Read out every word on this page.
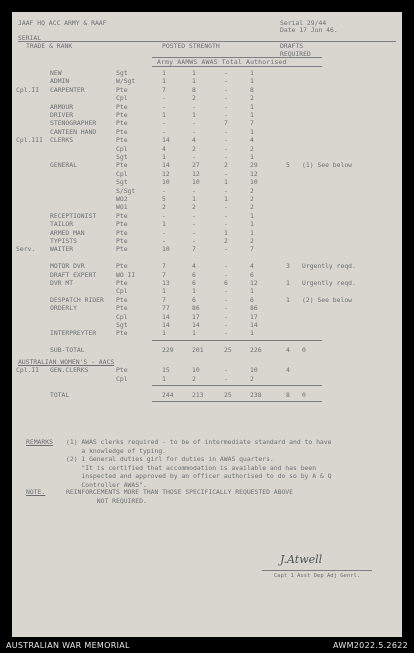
JAAF HQ ACC ARMY & RAAF	Serial 29/44
Date 17 Jun 46.
SERIAL
TRADE & RANK	POSTED STRENGTH	DRAFTS
REQUIRED
Army AAMWS AWAS Total Authorised
NEW	Sgt	1	1	-	1
ADMIN	W/Sgt	1	1	-	1
Cpl.II CARPENTER	Pte	7	8	-	8
Cpl	-	2	-	2
ARMOUR	Pte	-	-	-	1
DRIVER	Pte	1	1	-	1
STENOGRAPHER	Pte	-	-	7	7
CANTEEN HAND	Pte	-	-	-	1
Cpl.III CLERKS	Pte	14	4	-	4
Cpl	4	2	-	2
Sgt	1	-	-	1
GENERAL	Pte	14	27	2	29	5 (1) See below
Cpl	12	12	-	12
Sgt	10	10	1	10
S/Sgt	-	-	-	2
WO2	5	1	1	2
WO1	2	2	-	2
RECEPTIONIST	Pte	-	-	-	1
TAILOR	Pte	1	-	-	1
ARMED MAN	Pte	-	-	1	1
TYPISTS	Pte	-	-	2	2
Serv. WAITER	Pte	10	7	-	7
MOTOR DVR	Pte	7	4	-	4	3 Urgently reqd.
DRAFT EXPERT	WO II	7	6	-	6
DVR MT	Pte	13	6	6	12	1 Urgently reqd.
Cpl	1	1	-	1
DESPATCH RIDER Pte	7	6	-	6	1 (2) See below
ORDERLY	Pte	77	86	-	86
Cpl	14	17	-	17
Sgt	14	14	-	14
INTERPREYTER	Pte	1	1	-	1
SUB-TOTAL	229	201	25	226	4 0
AUSTRALIAN WOMEN'S - AACS
Cpl.II GEN.CLERKS	Pte	15	10	-	10	4
Cpl	1	2	-	2
TOTAL	244	213	25	238	8 0
REMARKS (1) AWAS clerks required - to be of intermediate standard and to have
a knowledge of typing.
(2) 1 General duties girl for duties in AWAS quarters.
"It is certified that accommodation is available and has been
inspected and approved by an officer authorised to do so by A & Q
Controller AWAS".
NOTE.	REINFORCEMENTS MORE THAN THOSE SPECIFICALLY REQUESTED ABOVE
NOT REQUIRED.
J.Atwell
Capt 1 Asst Dep Adj Genrl.
AUSTRALIAN WAR MEMORIAL	AWM2022.5.2622
